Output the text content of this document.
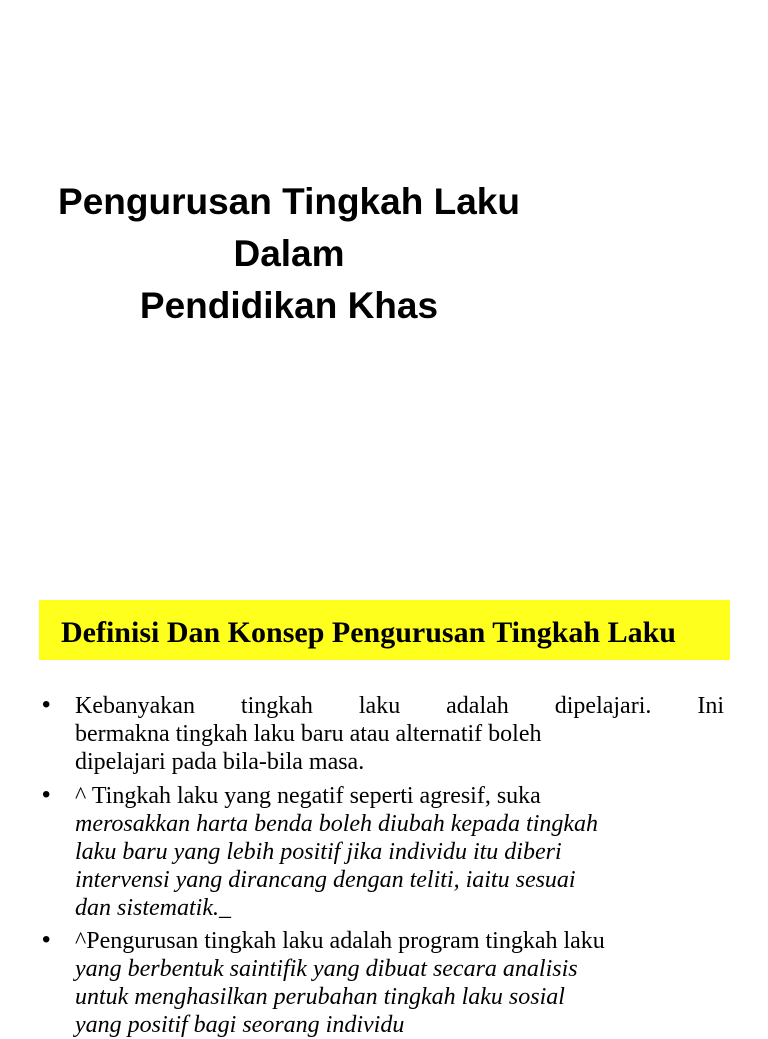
Pengurusan Tingkah Laku
Dalam
Pendidikan Khas
Definisi Dan Konsep Pengurusan Tingkah Laku
• Kebanyakan tingkah laku adalah dipelajari. Ini
bermakna tingkah laku baru atau alternatif boleh
dipelajari pada bila-bila masa.
• ^ Tingkah laku yang negatif seperti agresif, suka
merosakkan harta benda boleh diubah kepada tingkah
laku baru yang lebih positif jika individu itu diberi
intervensi yang dirancang dengan teliti, iaitu sesuai
dan sistematik._
• ^Pengurusan tingkah laku adalah program tingkah laku
yang berbentuk saintifik yang dibuat secara analisis
untuk menghasilkan perubahan tingkah laku sosial
yang positif bagi seorang individu
